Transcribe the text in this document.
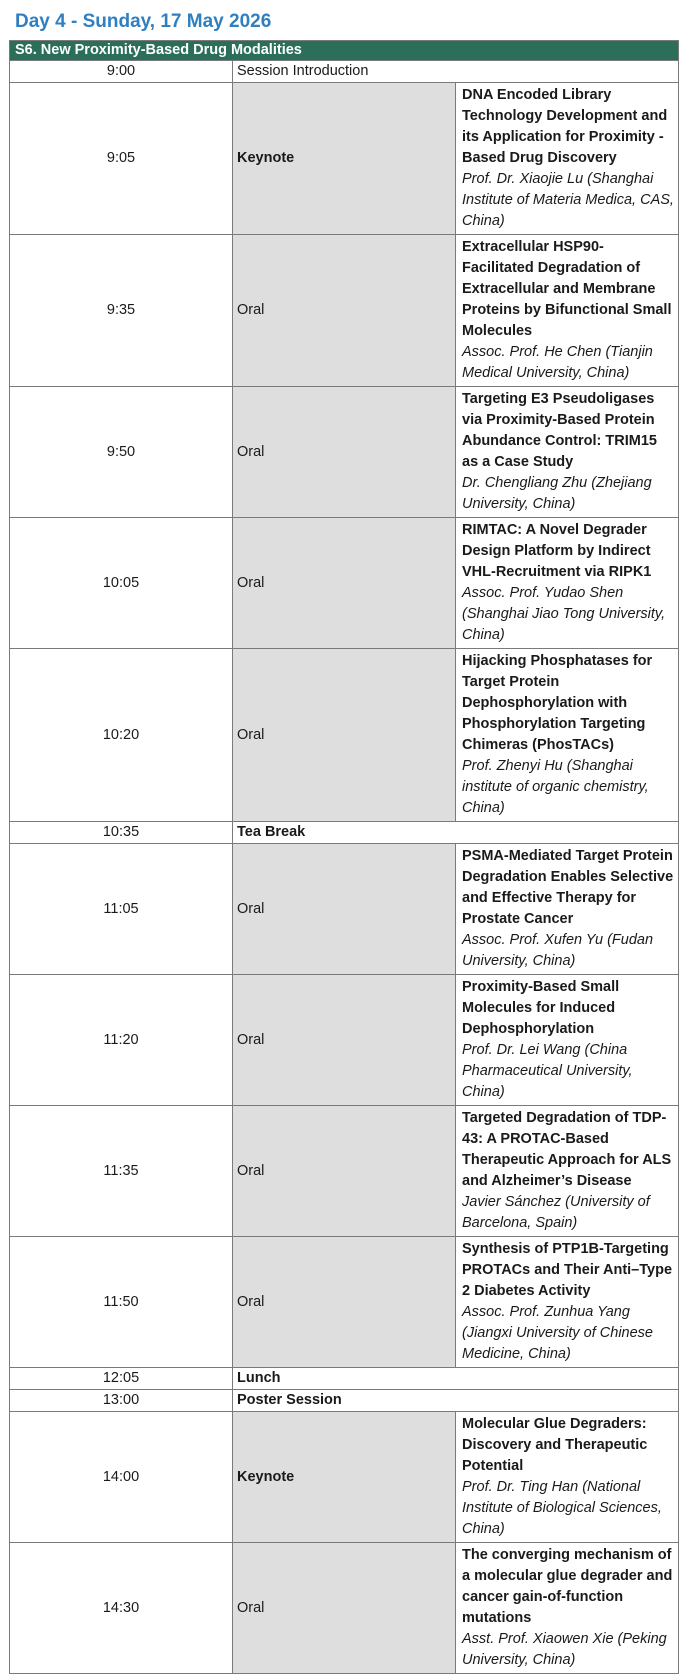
Day 4 - Sunday, 17 May 2026
S6. New Proximity-Based Drug Modalities		
9:00	Session Introduction	
9:05	Keynote	DNA Encoded Library Technology Development and its Application for Proximity -Based Drug Discovery
Prof. Dr. Xiaojie Lu (Shanghai Institute of Materia Medica, CAS, China)

9:35	Oral	Extracellular HSP90-Facilitated Degradation of Extracellular and Membrane Proteins by Bifunctional Small Molecules
Assoc. Prof. He Chen (Tianjin Medical University, China)

9:50	Oral	Targeting E3 Pseudoligases via Proximity-Based Protein Abundance Control: TRIM15 as a Case Study
Dr. Chengliang Zhu (Zhejiang University, China)

10:05	Oral	RIMTAC: A Novel Degrader Design Platform by Indirect VHL-Recruitment via RIPK1
Assoc. Prof. Yudao Shen (Shanghai Jiao Tong University, China)

10:20	Oral	Hijacking Phosphatases for Target Protein Dephosphorylation with Phosphorylation Targeting Chimeras (PhosTACs)
Prof. Zhenyi Hu (Shanghai institute of organic chemistry, China)

10:35	Tea Break	
11:05	Oral	PSMA-Mediated Target Protein Degradation Enables Selective and Effective Therapy for Prostate Cancer
Assoc. Prof. Xufen Yu (Fudan University, China)

11:20	Oral	Proximity-Based Small Molecules for Induced Dephosphorylation
Prof. Dr. Lei Wang (China Pharmaceutical University, China)

11:35	Oral	Targeted Degradation of TDP-43: A PROTAC-Based Therapeutic Approach for ALS and Alzheimer’s Disease
Javier Sánchez (University of Barcelona, Spain)

11:50	Oral	Synthesis of PTP1B-Targeting PROTACs and Their Anti–Type 2 Diabetes Activity
Assoc. Prof. Zunhua Yang (Jiangxi University of Chinese Medicine, China)

12:05	Lunch	
13:00	Poster Session	
14:00	Keynote	Molecular Glue Degraders: Discovery and Therapeutic Potential
Prof. Dr. Ting Han (National Institute of Biological Sciences, China)

14:30	Oral	The converging mechanism of a molecular glue degrader and cancer gain-of-function mutations
Asst. Prof. Xiaowen Xie (Peking University, China)
